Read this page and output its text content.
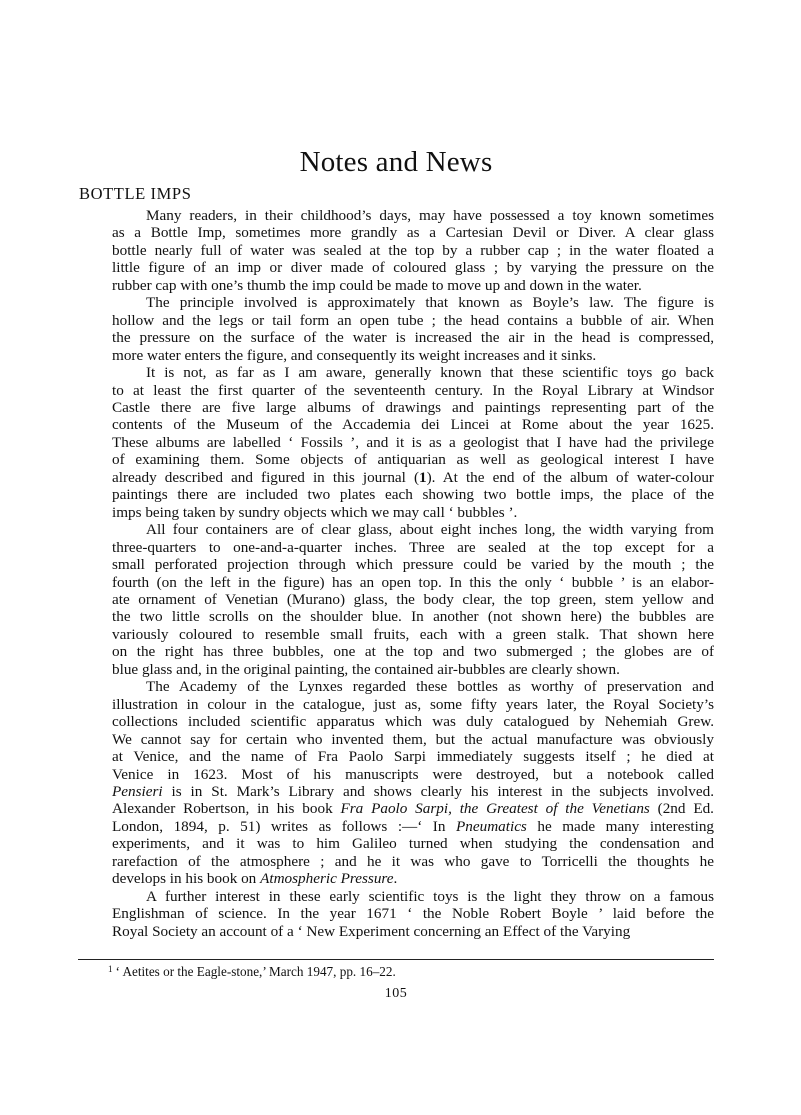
Notes and News
BOTTLE IMPS

Many readers, in their childhood’s days, may have possessed a toy known sometimes
as a Bottle Imp, sometimes more grandly as a Cartesian Devil or Diver. A clear glass
bottle nearly full of water was sealed at the top by a rubber cap ; in the water floated a
little figure of an imp or diver made of coloured glass ; by varying the pressure on the
rubber cap with one’s thumb the imp could be made to move up and down in the water.

The principle involved is approximately that known as Boyle’s law. The figure is
hollow and the legs or tail form an open tube ; the head contains a bubble of air. When
the pressure on the surface of the water is increased the air in the head is compressed,
more water enters the figure, and consequently its weight increases and it sinks.

It is not, as far as I am aware, generally known that these scientific toys go back
to at least the first quarter of the seventeenth century. In the Royal Library at Windsor
Castle there are five large albums of drawings and paintings representing part of the
contents of the Museum of the Accademia dei Lincei at Rome about the year 1625.
These albums are labelled ‘ Fossils ’, and it is as a geologist that I have had the privilege
of examining them. Some objects of antiquarian as well as geological interest I have
already described and figured in this journal (1). At the end of the album of water-colour
paintings there are included two plates each showing two bottle imps, the place of the
imps being taken by sundry objects which we may call ‘ bubbles ’.

All four containers are of clear glass, about eight inches long, the width varying from
three-quarters to one-and-a-quarter inches. Three are sealed at the top except for a
small perforated projection through which pressure could be varied by the mouth ; the
fourth (on the left in the figure) has an open top. In this the only ‘ bubble ’ is an elabor-
ate ornament of Venetian (Murano) glass, the body clear, the top green, stem yellow and
the two little scrolls on the shoulder blue. In another (not shown here) the bubbles are
variously coloured to resemble small fruits, each with a green stalk. That shown here
on the right has three bubbles, one at the top and two submerged ; the globes are of
blue glass and, in the original painting, the contained air-bubbles are clearly shown.

The Academy of the Lynxes regarded these bottles as worthy of preservation and
illustration in colour in the catalogue, just as, some fifty years later, the Royal Society’s
collections included scientific apparatus which was duly catalogued by Nehemiah Grew.
We cannot say for certain who invented them, but the actual manufacture was obviously
at Venice, and the name of Fra Paolo Sarpi immediately suggests itself ; he died at
Venice in 1623. Most of his manuscripts were destroyed, but a notebook called
Pensieri is in St. Mark’s Library and shows clearly his interest in the subjects involved.
Alexander Robertson, in his book Fra Paolo Sarpi, the Greatest of the Venetians (2nd Ed.
London, 1894, p. 51) writes as follows :—‘ In Pneumatics he made many interesting
experiments, and it was to him Galileo turned when studying the condensation and
rarefaction of the atmosphere ; and he it was who gave to Torricelli the thoughts he
develops in his book on Atmospheric Pressure.

A further interest in these early scientific toys is the light they throw on a famous
Englishman of science. In the year 1671 ‘ the Noble Robert Boyle ’ laid before the
Royal Society an account of a ‘ New Experiment concerning an Effect of the Varying

$^1$ ‘ Aetites or the Eagle-stone,’ March 1947, pp. 16–22.
105
